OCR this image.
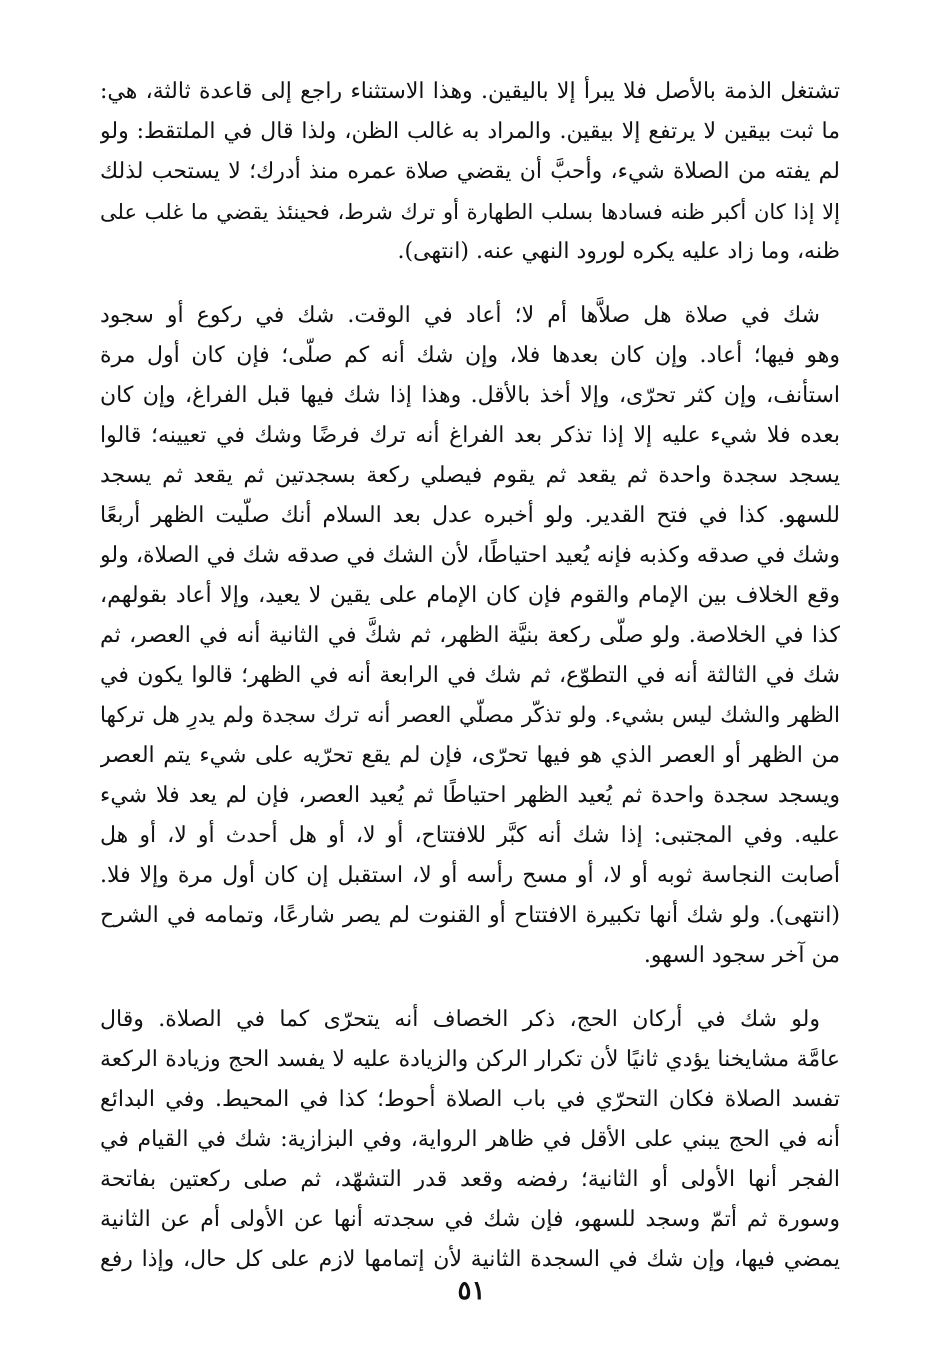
تشتغل الذمة بالأصل فلا يبرأ إلا باليقين. وهذا الاستثناء راجع إلى قاعدة ثالثة، هي:
ما ثبت بيقين لا يرتفع إلا بيقين. والمراد به غالب الظن، ولذا قال في الملتقط: ولو
لم يفته من الصلاة شيء، وأحبَّ أن يقضي صلاة عمره منذ أدرك؛ لا يستحب لذلك
إلا إذا كان أكبر ظنه فسادها بسلب الطهارة أو ترك شرط، فحينئذ يقضي ما غلب على
ظنه، وما زاد عليه يكره لورود النهي عنه. (انتهى).
شك في صلاة هل صلاَّها أم لا؛ أعاد في الوقت. شك في ركوع أو سجود
وهو فيها؛ أعاد. وإن كان بعدها فلا، وإن شك أنه كم صلّى؛ فإن كان أول مرة
استأنف، وإن كثر تحرّى، وإلا أخذ بالأقل. وهذا إذا شك فيها قبل الفراغ، وإن كان
بعده فلا شيء عليه إلا إذا تذكر بعد الفراغ أنه ترك فرضًا وشك في تعيينه؛ قالوا
يسجد سجدة واحدة ثم يقعد ثم يقوم فيصلي ركعة بسجدتين ثم يقعد ثم يسجد
للسهو. كذا في فتح القدير. ولو أخبره عدل بعد السلام أنك صلّيت الظهر أربعًا
وشك في صدقه وكذبه فإنه يُعيد احتياطًا، لأن الشك في صدقه شك في الصلاة، ولو
وقع الخلاف بين الإمام والقوم فإن كان الإمام على يقين لا يعيد، وإلا أعاد بقولهم،
كذا في الخلاصة. ولو صلّى ركعة بنيَّة الظهر، ثم شكَّ في الثانية أنه في العصر، ثم
شك في الثالثة أنه في التطوّع، ثم شك في الرابعة أنه في الظهر؛ قالوا يكون في
الظهر والشك ليس بشيء. ولو تذكّر مصلّي العصر أنه ترك سجدة ولم يدرِ هل تركها
من الظهر أو العصر الذي هو فيها تحرّى، فإن لم يقع تحرّيه على شيء يتم العصر
ويسجد سجدة واحدة ثم يُعيد الظهر احتياطًا ثم يُعيد العصر، فإن لم يعد فلا شيء
عليه. وفي المجتبى: إذا شك أنه كبَّر للافتتاح، أو لا، أو هل أحدث أو لا، أو هل
أصابت النجاسة ثوبه أو لا، أو مسح رأسه أو لا، استقبل إن كان أول مرة وإلا فلا.
(انتهى). ولو شك أنها تكبيرة الافتتاح أو القنوت لم يصر شارعًا، وتمامه في الشرح
من آخر سجود السهو.
ولو شك في أركان الحج، ذكر الخصاف أنه يتحرّى كما في الصلاة. وقال
عامَّة مشايخنا يؤدي ثانيًا لأن تكرار الركن والزيادة عليه لا يفسد الحج وزيادة الركعة
تفسد الصلاة فكان التحرّي في باب الصلاة أحوط؛ كذا في المحيط. وفي البدائع
أنه في الحج يبني على الأقل في ظاهر الرواية، وفي البزازية: شك في القيام في
الفجر أنها الأولى أو الثانية؛ رفضه وقعد قدر التشهّد، ثم صلى ركعتين بفاتحة
وسورة ثم أتمّ وسجد للسهو، فإن شك في سجدته أنها عن الأولى أم عن الثانية
يمضي فيها، وإن شك في السجدة الثانية لأن إتمامها لازم على كل حال، وإذا رفع
٥١
